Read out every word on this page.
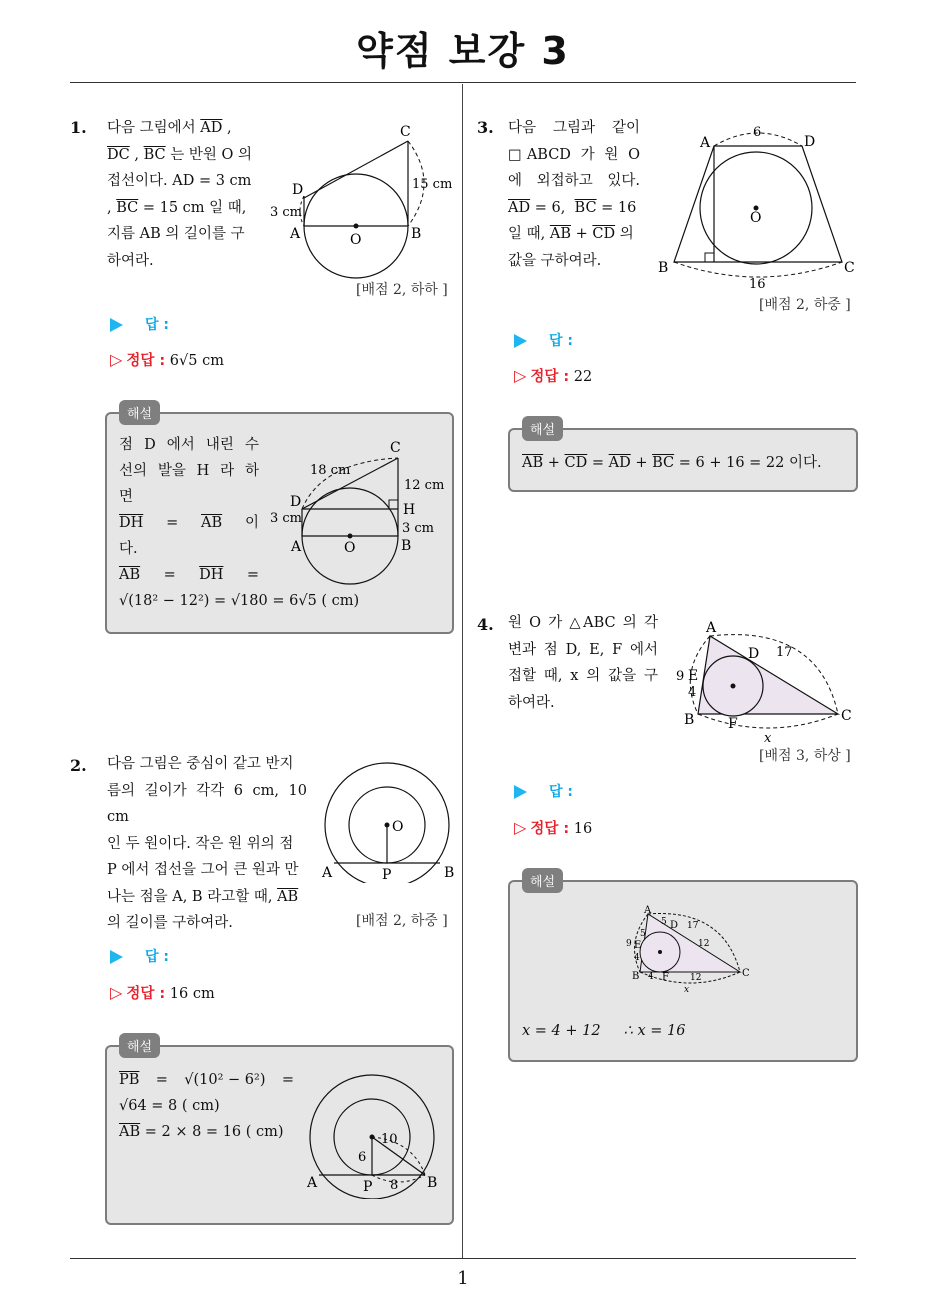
약점 보강 3
1. 다음 그림에서 $\overline{AD}$ ,
$\overline{DC}$ , $\overline{BC}$ 는 반원 O 의
접선이다. AD = 3 cm
, $\overline{BC} = 15$ cm 일 때,
지름 AB 의 길이를 구
하여라.
C
D
A	B
O
3 cm
15 cm
[배점 2, 하하 ]
답 :
▷ 정답 : 6√5 cm
해설
점 D 에서 내린 수
선의 발을 H 라 하
면
$\overline{DH} = \overline{AB}$ 이
다.
$\overline{AB} = \overline{DH}$ =
√(18² − 12²) = √180 = 6√5 ( cm)
C
D	H
A	B
O
18 cm
12 cm
3 cm
3 cm
2. 다음 그림은 중심이 같고 반지
름의 길이가 각각 6 cm, 10 cm
인 두 원이다. 작은 원 위의 점
P 에서 접선을 그어 큰 원과 만
나는 점을 A, B 라고할 때, $\overline{AB}$
의 길이를 구하여라.
O
A	P	B
[배점 2, 하중 ]
답 :
▷ 정답 : 16 cm
해설
$\overline{PB} = √(10^2 - 6^2)$ =
√64 = 8 ( cm)
$\overline{AB} = 2 \times 8 = 16$ ( cm)
A	P	B
10
6
8
3. 다음 그림과 같이
□ABCD 가 원 O
에 외접하고 있다.
$\overline{AD} = 6$, $\overline{BC} = 16$
일 때, $\overline{AB} + \overline{CD}$ 의
값을 구하여라.
A	D
B	C
O
6
16
[배점 2, 하중 ]
답 :
▷ 정답 : 22
해설
$\overline{AB} + \overline{CD} = \overline{AD} + \overline{BC} = 6 + 16 = 22$ 이다.
4. 원 O 가 △ABC 의 각
변과 점 D, E, F 에서
접할 때, x 의 값을 구
하여라.
A
D 17
E
9
4
B F	C
x
[배점 3, 하상 ]
답 :
▷ 정답 : 16
해설
A
D
5 17
12
E
5
9
4
B 4 F 12	C
x
x = 4 + 12     ∴ x = 16
1
